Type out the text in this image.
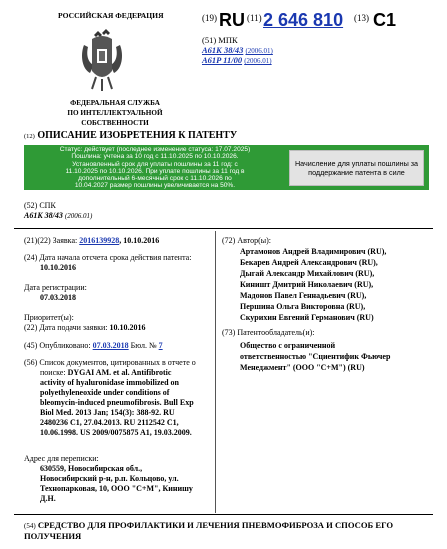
РОССИЙСКАЯ ФЕДЕРАЦИЯ
ФЕДЕРАЛЬНАЯ СЛУЖБА
ПО ИНТЕЛЛЕКТУАЛЬНОЙ СОБСТВЕННОСТИ
(19) RU (11) 2 646 810 (13) C1
(51) МПК
A61K 38/43 (2006.01)
A61P 11/00 (2006.01)
(12) ОПИСАНИЕ ИЗОБРЕТЕНИЯ К ПАТЕНТУ
Статус: действует (последнее изменение статуса: 17.07.2025)
Пошлина: учтена за 10 год с 11.10.2025 по 10.10.2026.
Установленный срок для уплаты пошлины за 11 год: с
11.10.2025 по 10.10.2026. При уплате пошлины за 11 год в
дополнительный 6-месячный срок с 11.10.2026 по
10.04.2027 размер пошлины увеличивается на 50%.
Начисление для уплаты пошлины за поддержание патента в силе
(52) СПК
A61K 38/43 (2006.01)
(21)(22) Заявка: 2016139928, 10.10.2016
(24) Дата начала отсчета срока действия патента:
10.10.2016
Дата регистрации:
07.03.2018
Приоритет(ы):
(22) Дата подачи заявки: 10.10.2016
(45) Опубликовано: 07.03.2018 Бюл. № 7
(56) Список документов, цитированных в отчете о
поиске: DYGAI AM. et al. Antifibrotic
activity of hyaluronidase immobilized on
polyethyleneoxide under conditions of
bleomycin-induced pneumofibrosis. Bull Exp
Biol Med. 2013 Jan; 154(3): 388-92. RU
2480236 C1, 27.04.2013. RU 2112542 C1,
10.06.1998. US 2009/0075875 A1, 19.03.2009.
Адрес для переписки:
630559, Новосибирская обл.,
Новосибирский р-н, р.п. Кольцово, ул.
Технопарковая, 10, ООО "С+М", Кинишу
Д.Н.
(72) Автор(ы):
Артамонов Андрей Владимирович (RU),
Бекарев Андрей Александрович (RU),
Дыгай Александр Михайлович (RU),
Киништ Дмитрий Николаевич (RU),
Мадонов Павел Геннадьевич (RU),
Першина Ольга Викторовна (RU),
Скурихин Евгений Германович (RU)
(73) Патентообладатель(и):
Общество с ограниченной
ответственностью "Сциентифик Фьючер
Менеджмент" (ООО "С+М") (RU)
(54) СРЕДСТВО ДЛЯ ПРОФИЛАКТИКИ И ЛЕЧЕНИЯ ПНЕВМОФИБРОЗА И СПОСОБ ЕГО
ПОЛУЧЕНИЯ
